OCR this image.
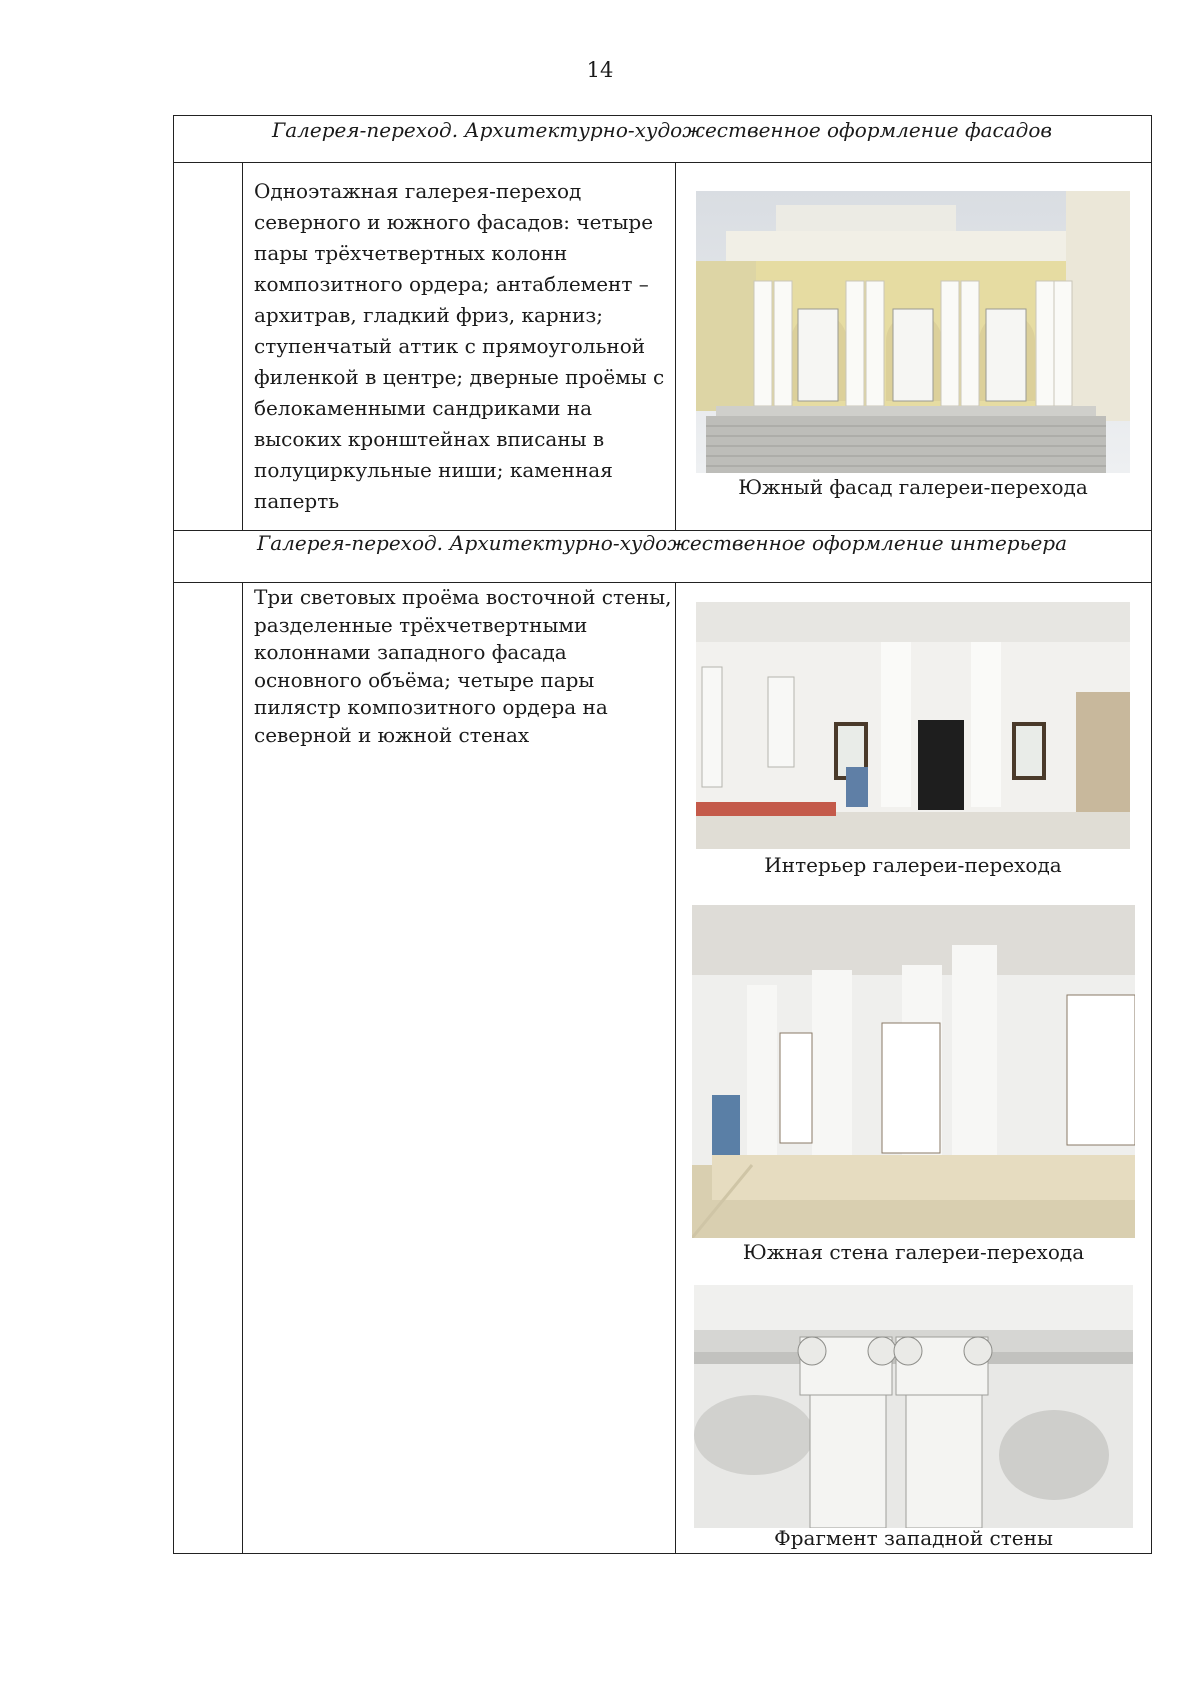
14
Галерея-переход. Архитектурно-художественное оформление фасадов
Одноэтажная галерея-переход северного и южного фасадов: четыре пары трёхчетвертных колонн композитного ордера; антаблемент – архитрав, гладкий фриз, карниз; ступенчатый аттик с прямоугольной филенкой в центре; дверные проёмы с белокаменными сандриками на высоких кронштейнах вписаны в полуциркульные ниши; каменная паперть
Южный фасад галереи-перехода
Галерея-переход. Архитектурно-художественное оформление интерьера
Три световых проёма восточной стены, разделенные трёхчетвертными колоннами западного фасада основного объёма; четыре пары пилястр композитного ордера на северной и южной стенах
Интерьер галереи-перехода
Южная стена галереи-перехода
Фрагмент западной стены
